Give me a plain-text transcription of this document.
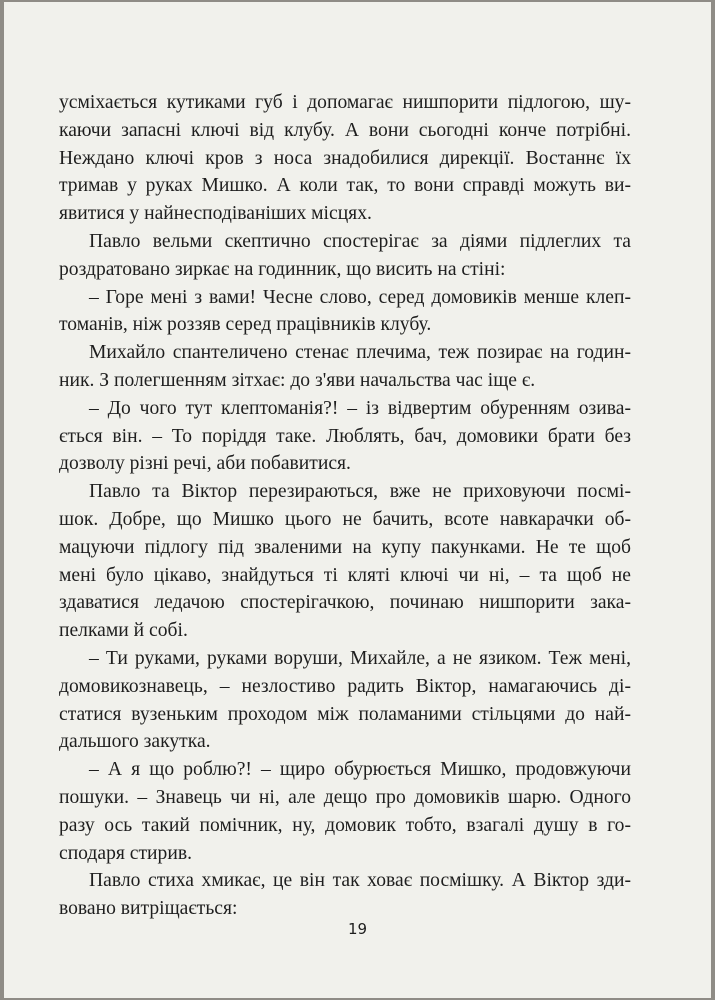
усміхається кутиками губ і допомагає нишпорити підлогою, шу-
каючи запасні ключі від клубу. А вони сьогодні конче потрібні.
Неждано ключі кров з носа знадобилися дирекції. Востаннє їх
тримав у руках Мишко. А коли так, то вони справді можуть ви-
явитися у найнесподіваніших місцях.
Павло вельми скептично спостерігає за діями підлеглих та
роздратовано зиркає на годинник, що висить на стіні:
– Горе мені з вами! Чесне слово, серед домовиків менше клеп-
томанів, ніж роззяв серед працівників клубу.
Михайло спантеличено стенає плечима, теж позирає на годин-
ник. З полегшенням зітхає: до з'яви начальства час іще є.
– До чого тут клептоманія?! – із відвертим обуренням озива-
ється він. – То поріддя таке. Люблять, бач, домовики брати без
дозволу різні речі, аби побавитися.
Павло та Віктор перезираються, вже не приховуючи посмі-
шок. Добре, що Мишко цього не бачить, всоте навкарачки об-
мацуючи підлогу під звaленими на купу пакунками. Не те щоб
мені було цікаво, знайдуться ті кляті ключі чи ні, – та щоб не
здаватися ледачою спостерігачкою, починаю нишпорити зака-
пелками й собі.
– Ти руками, руками воруши, Михайле, а не язиком. Теж мені,
домовикознавець, – незлостиво радить Віктор, намагаючись ді-
статися вузеньким проходом між поламаними стільцями до най-
дальшого закутка.
– А я що роблю?! – щиро обурюється Мишко, продовжуючи
пошуки. – Знавець чи ні, але дещо про домовиків шарю. Одного
разу ось такий помічник, ну, домовик тобто, взагалі душу в го-
сподаря стирив.
Павло стиха хмикає, це він так ховає посмішку. А Віктор зди-
вовано витріщається:
19
